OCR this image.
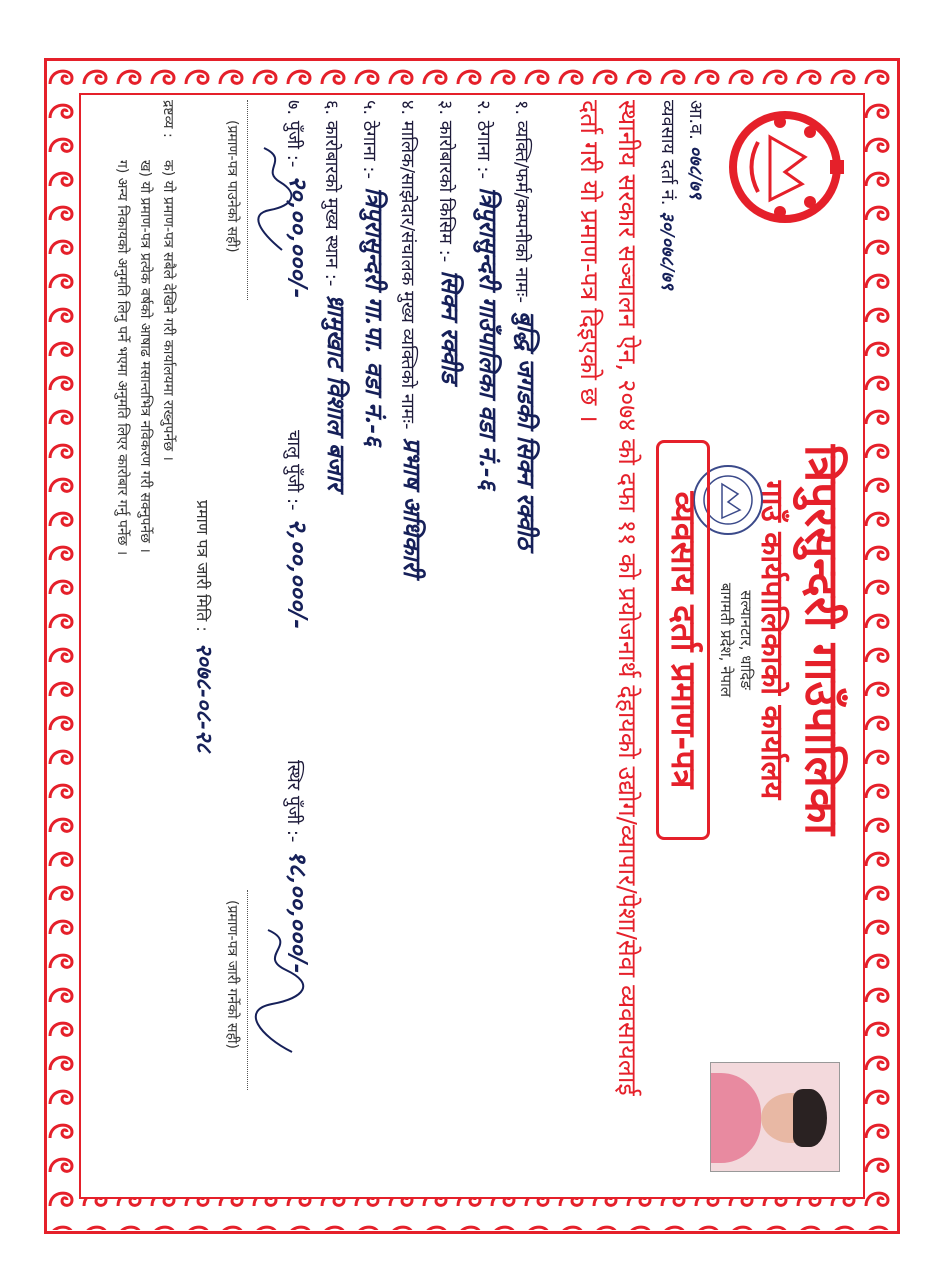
त्रिपुरसुन्दरी गाउँपालिका
गाउँ कार्यपालिकाको कार्यालय
सल्यानटार, धादिङ
बागमती प्रदेश, नेपाल
व्यवसाय दर्ता प्रमाण-पत्र
आ.व. ०७८/७९
व्यवसाय दर्ता नं. ३०/०७८/७९
स्थानीय सरकार सञ्चालन ऐन, २०७४ को दफा ११ को प्रयोजनार्थ देहायको उद्योग/व्यापार/पेशा/सेवा व्यवसायलाई दर्ता गरी यो प्रमाण-पत्र दिइएको छ ।
१. व्यक्ति/फर्म/कम्पनीको नामः-
बुद्धि जगडकी सिक्न रक्वीठ
२. ठेगाना :-
त्रिपुरासुन्दरी गाउँपालिका वडा नं.-६
३. कारोबारको किसिम :-
सिक्न रक्वीड
४. मालिक/साझेदार/संचालक मुख्य व्यक्तिको नामः-
प्रभाष अधिकारी
५. ठेगाना :-
त्रिपुरासुन्दरी गा.पा. वडा नं.-६
६. कारोबारको मुख्य स्थान :-
ध्रामुखाट विशाल बजार
७. पुँजी :-
२०,००,०००/-
चालु पुँजी :-
२,००,०००/-
स्थिर पुँजी :-
१८,००,०००/-
(प्रमाण-पत्र पाउनेको सही)
(प्रमाण-पत्र जारी गर्नेको सही)
प्रमाण पत्र जारी मिति : २०७८-०८-२८
द्रष्टव्य :
क) यो प्रमाण-पत्र सबैले देखिने गरी कार्यालयमा राख्नुपर्नेछ ।
ख) यो प्रमाण-पत्र प्रत्येक वर्षको आषाढ मसान्तभित्र नविकरण गरी सक्नुपर्नेछ ।
ग) अन्य निकायको अनुमति लिनु पर्ने भएमा अनुमति लिएर कारोबार गर्नु पर्नेछ ।
